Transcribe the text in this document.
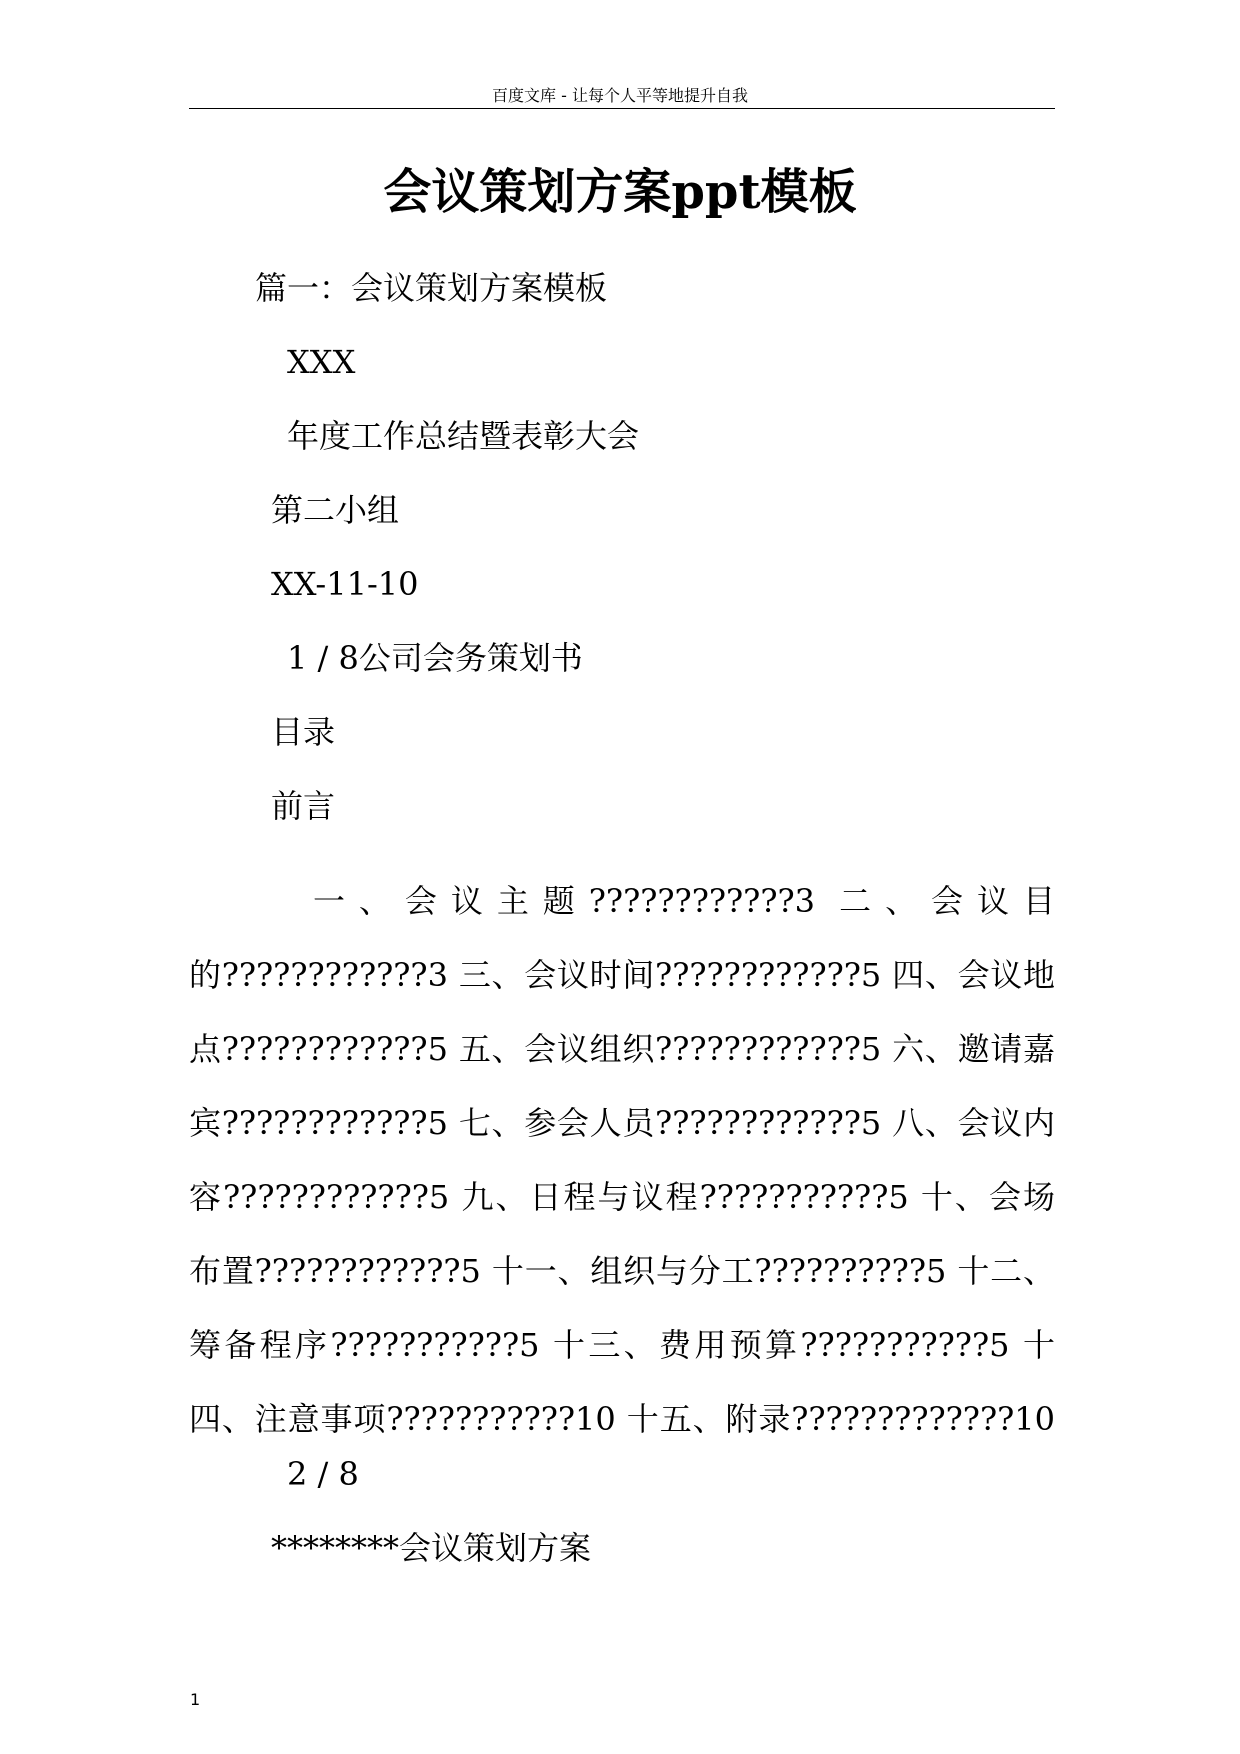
百度文库 - 让每个人平等地提升自我
会议策划方案ppt模板

篇一：会议策划方案模板

XXX

年度工作总结暨表彰大会

第二小组

XX-11-10

1 / 8公司会务策划书

目录

前言

一、会议主题????????????3 二、会议目的????????????3 三、会议时间????????????5 四、会议地点????????????5 五、会议组织????????????5 六、邀请嘉宾????????????5 七、参会人员????????????5 八、会议内容????????????5 九、日程与议程???????????5 十、会场布置????????????5 十一、组织与分工??????????5 十二、筹备程序???????????5 十三、费用预算???????????5 十四、注意事项???????????10 十五、附录?????????????10

2 / 8

********会议策划方案

1
